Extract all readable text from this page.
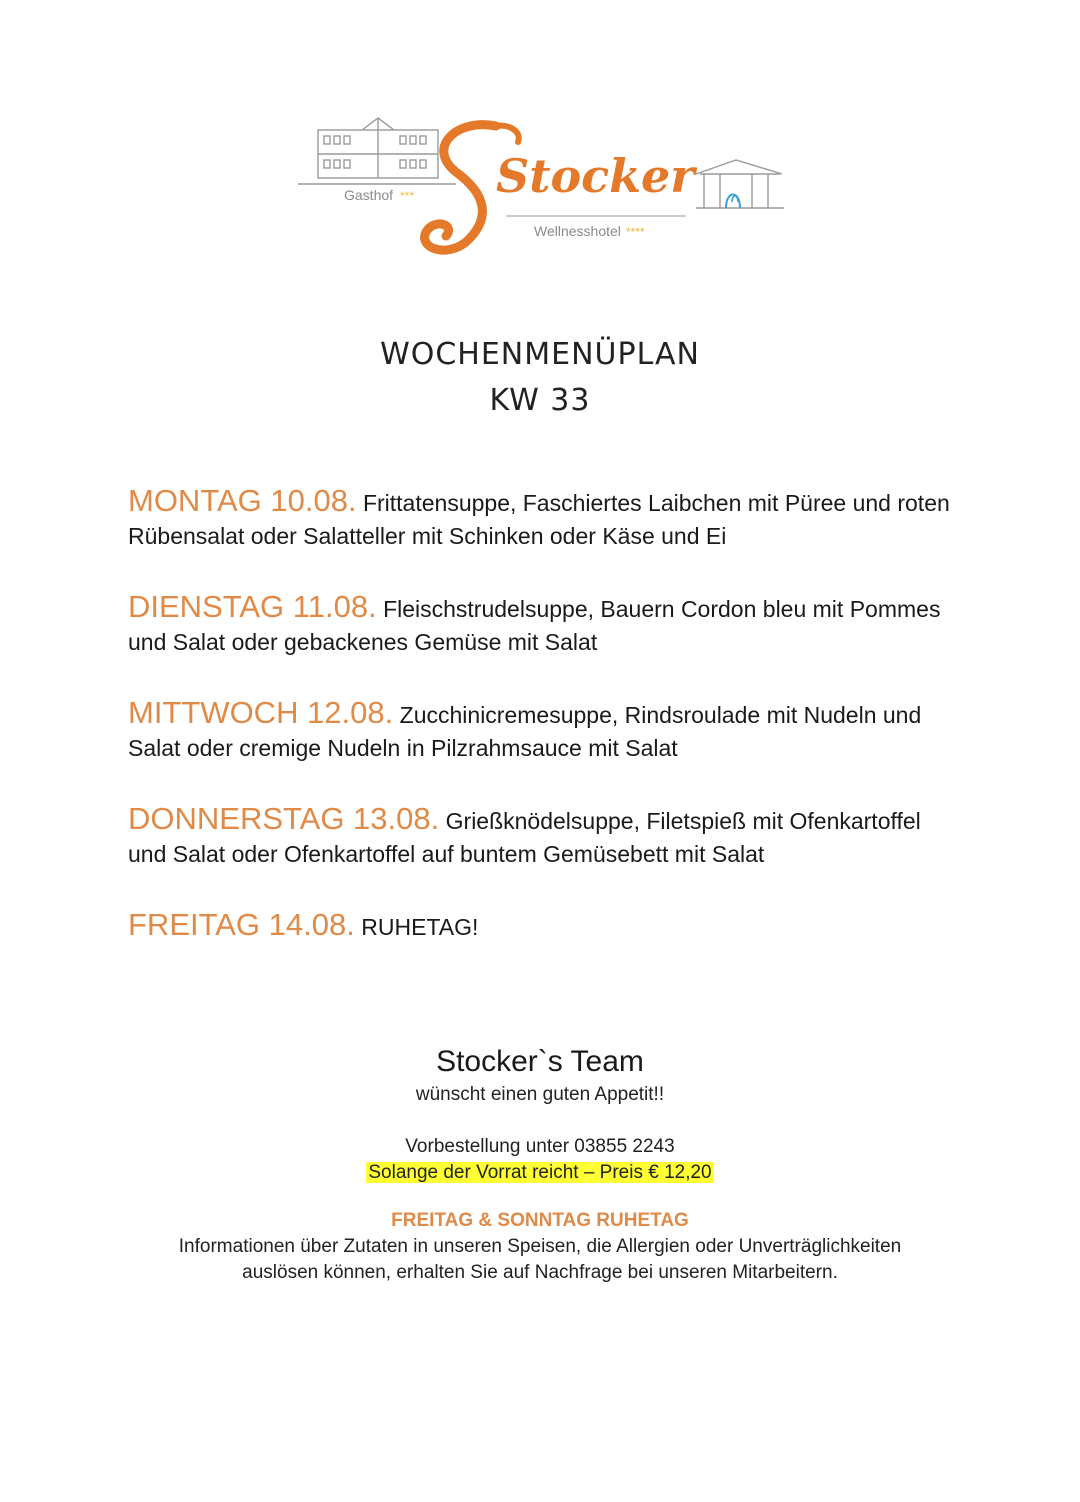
Gasthof *** Stocker
Wellnesshotel ****
WOCHENMENÜPLAN
KW 33
MONTAG 10.08. Frittatensuppe, Faschiertes Laibchen mit Püree und roten Rübensalat oder Salatteller mit Schinken oder Käse und Ei
DIENSTAG 11.08. Fleischstrudelsuppe, Bauern Cordon bleu mit Pommes und Salat oder gebackenes Gemüse mit Salat
MITTWOCH 12.08. Zucchinicremesuppe, Rindsroulade mit Nudeln und Salat oder cremige Nudeln in Pilzrahmsauce mit Salat
DONNERSTAG 13.08. Grießknödelsuppe, Filetspieß mit Ofenkartoffel und Salat oder Ofenkartoffel auf buntem Gemüsebett mit Salat
FREITAG 14.08. RUHETAG!
Stocker`s Team
wünscht einen guten Appetit!!
Vorbestellung unter 03855 2243
Solange der Vorrat reicht – Preis € 12,20
FREITAG & SONNTAG RUHETAG
Informationen über Zutaten in unseren Speisen, die Allergien oder Unverträglichkeiten auslösen können, erhalten Sie auf Nachfrage bei unseren Mitarbeitern.
